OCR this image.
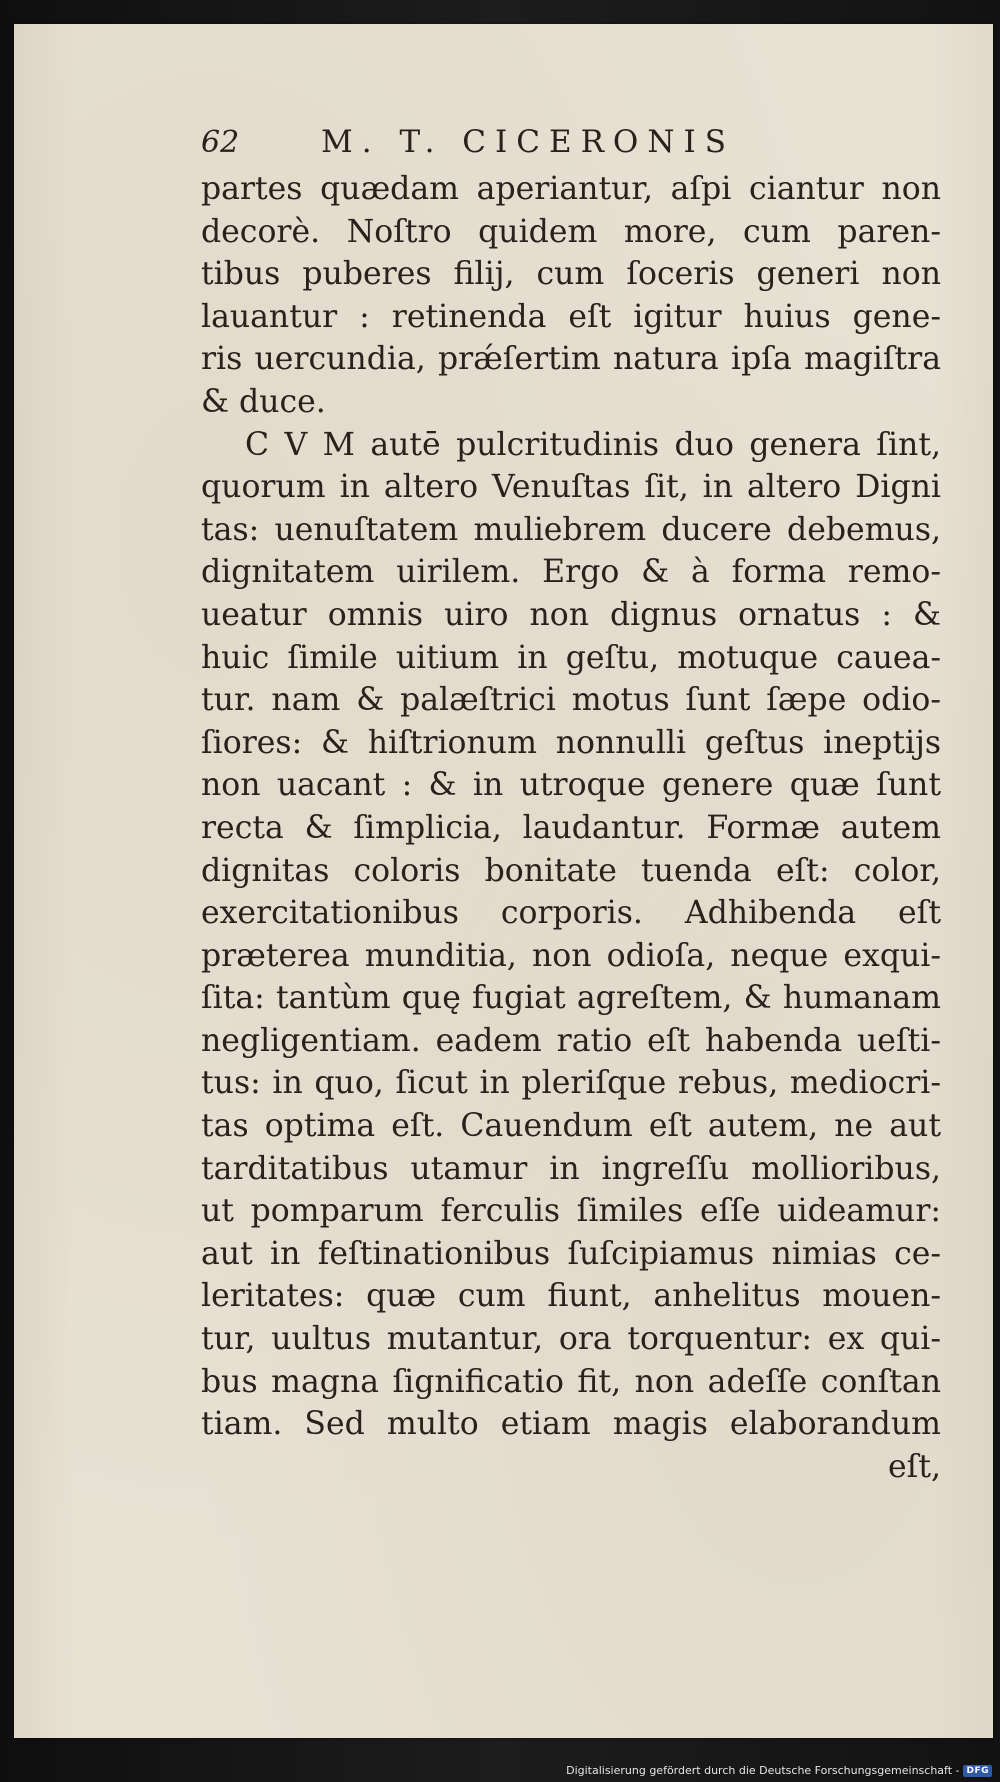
62	M. T. CICERONIS
partes quædam aperiantur, aſpi ciantur non
decorè. Noſtro quidem more, cum paren-
tibus puberes filij, cum ſoceris generi non
lauantur : retinenda eſt igitur huius gene-
ris uercundia, prǽſertim natura ipſa magiſtra
& duce.
C V M autē pulcritudinis duo genera ſint,
quorum in altero Venuſtas ſit, in altero Digni
tas: uenuſtatem muliebrem ducere debemus,
dignitatem uirilem. Ergo & à forma remo-
ueatur omnis uiro non dignus ornatus : &
huic ſimile uitium in geſtu, motuque cauea-
tur. nam & palæſtrici motus ſunt ſæpe odio-
ſiores: & hiſtrionum nonnulli geſtus ineptijs
non uacant : & in utroque genere quæ ſunt
recta & ſimplicia, laudantur. Formæ autem
dignitas coloris bonitate tuenda eſt: color,
exercitationibus corporis. Adhibenda eſt
præterea munditia, non odioſa, neque exqui-
ſita: tantùm quę fugiat agreſtem, & humanam
negligentiam. eadem ratio eſt habenda ueſti-
tus: in quo, ſicut in pleriſque rebus, mediocri-
tas optima eſt. Cauendum eſt autem, ne aut
tarditatibus utamur in ingreſſu mollioribus,
ut pomparum ferculis ſimiles eſſe uideamur:
aut in feſtinationibus ſuſcipiamus nimias ce-
leritates: quæ cum fiunt, anhelitus mouen-
tur, uultus mutantur, ora torquentur: ex qui-
bus magna ſignificatio fit, non adeſſe conſtan
tiam. Sed multo etiam magis elaborandum
eſt,
Digitalisierung gefördert durch die Deutsche Forschungsgemeinschaft - DFG
